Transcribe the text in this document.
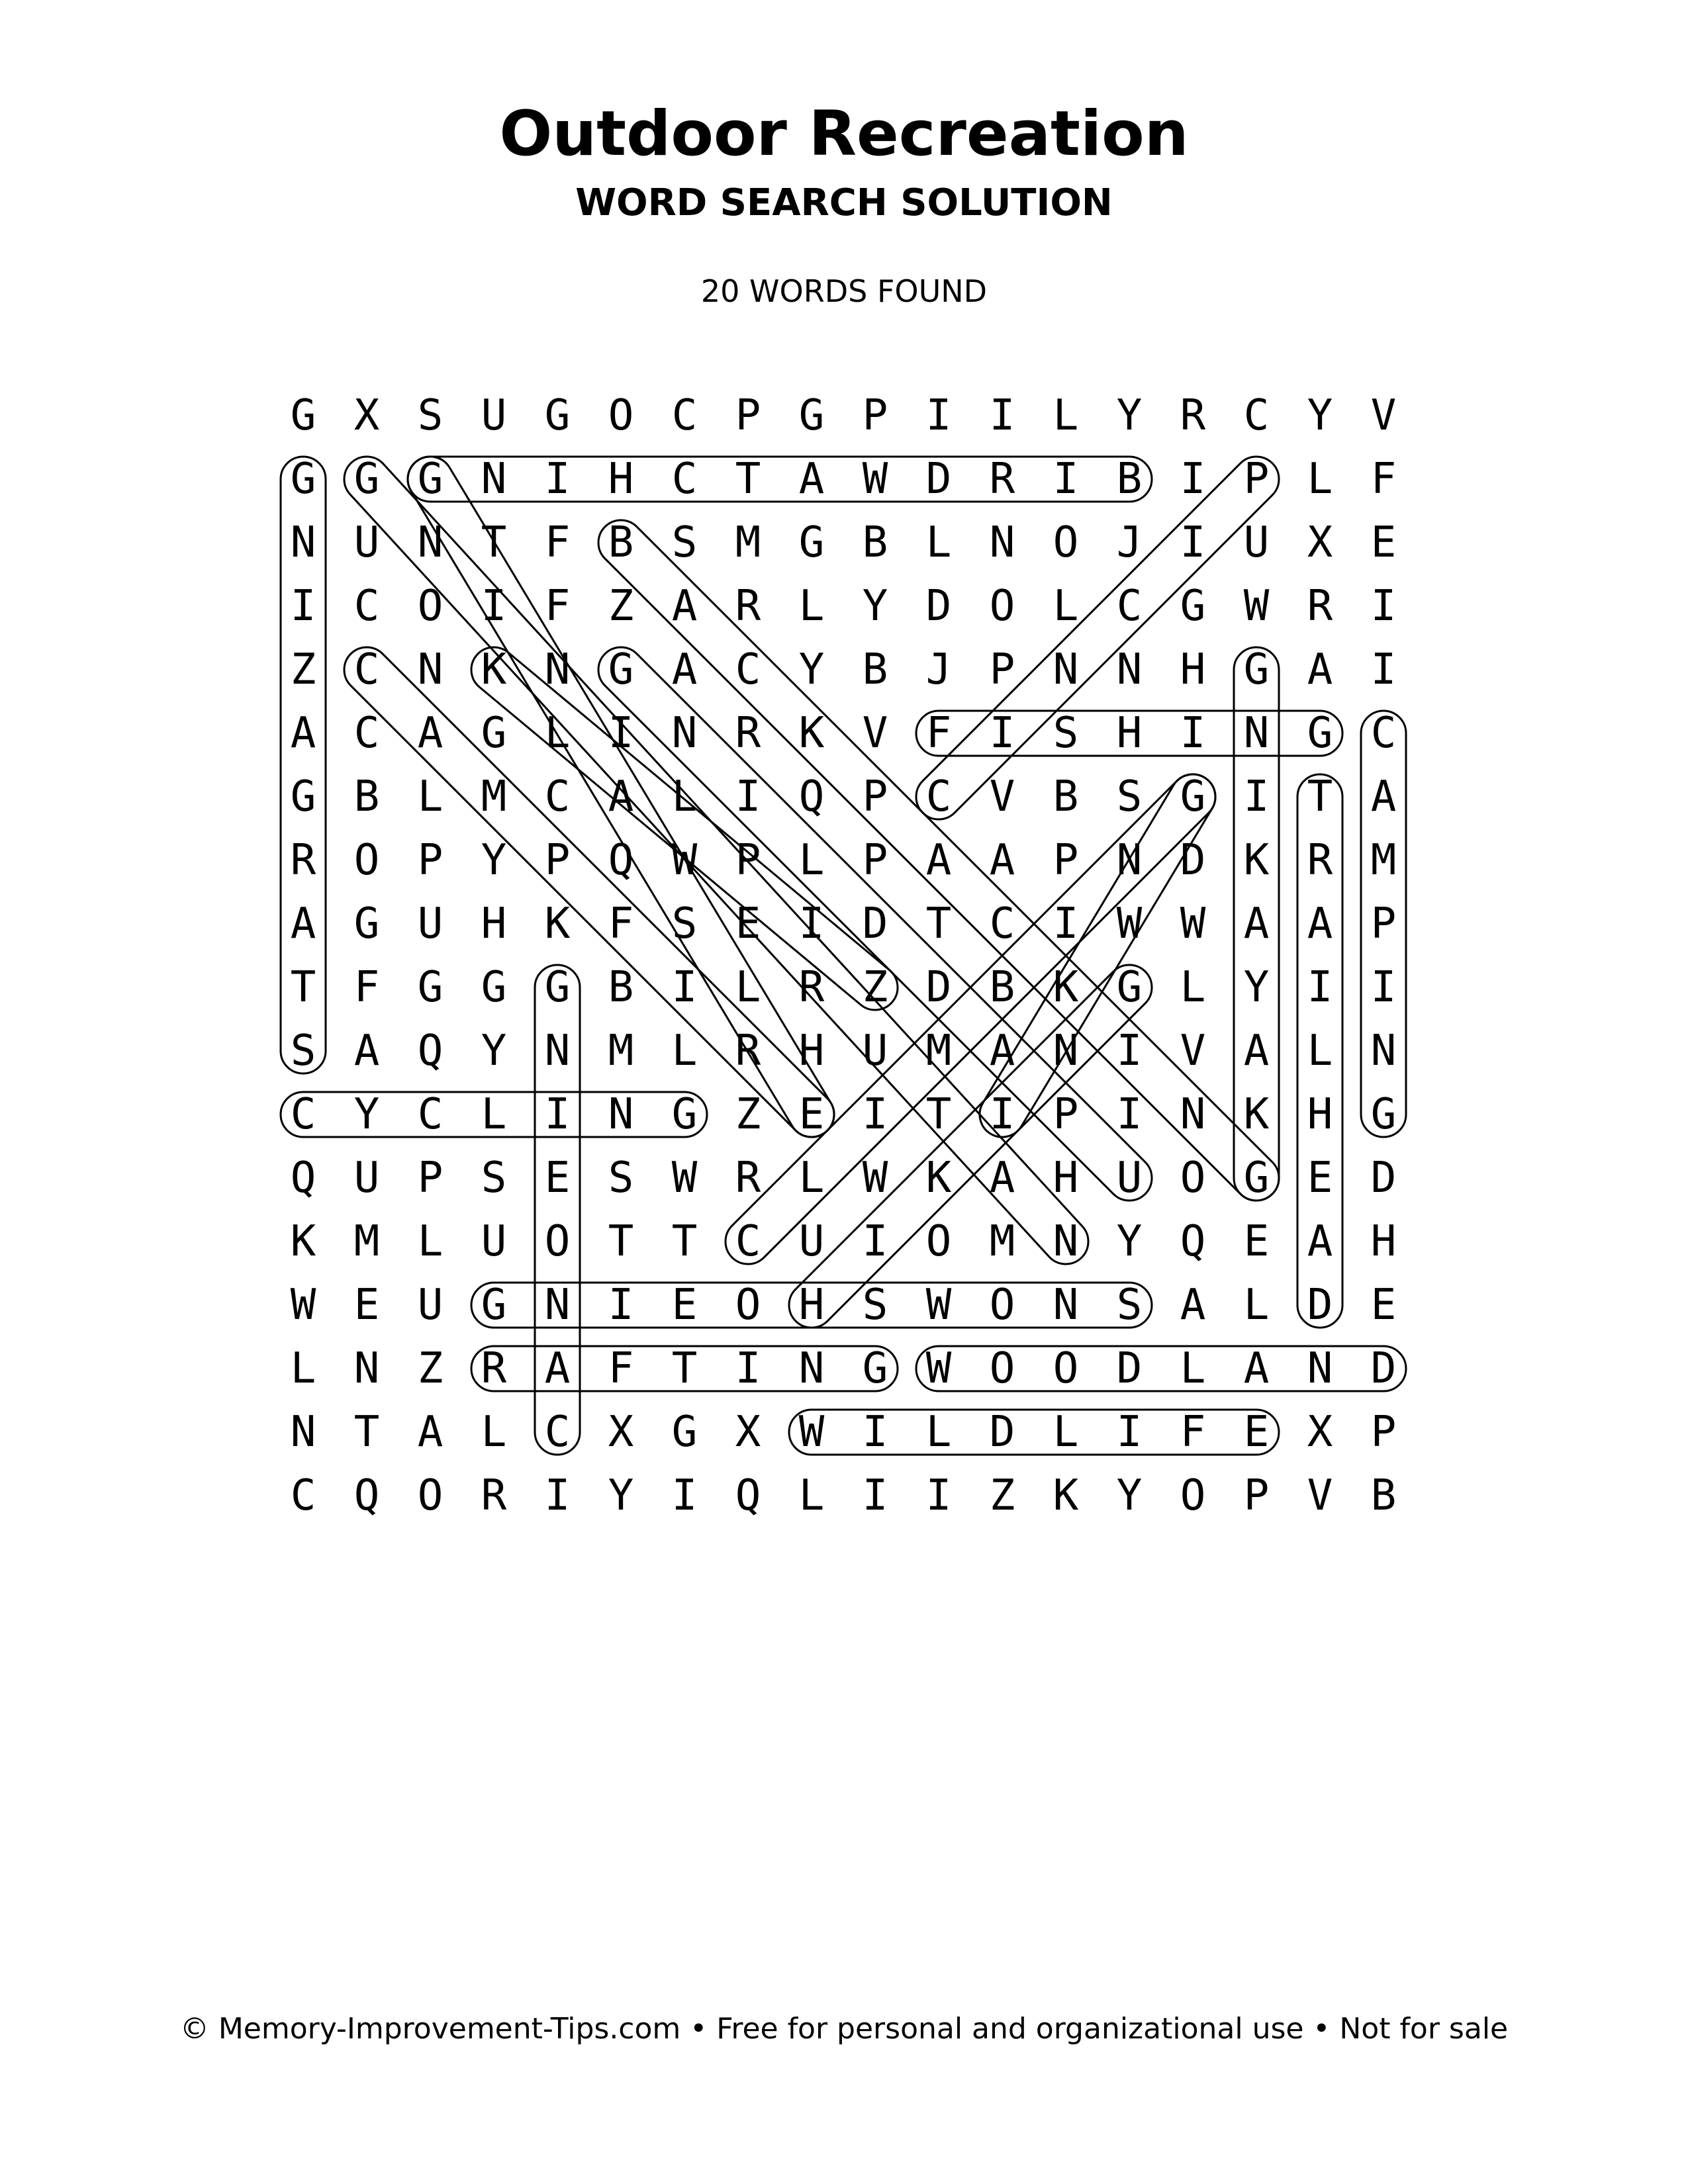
Outdoor Recreation
WORD SEARCH SOLUTION
20 WORDS FOUND
G X S U G O C P G P I I L Y R C Y V
G G G N I H C T A W D R I B I P L F
N U N T F B S M G B L N O J I U X E
I C O I F Z A R L Y D O L C G W R I
Z C N K N G A C Y B J P N N H G A I
A C A G L I N R K V F I S H I N G C
G B L M C A L I Q P C V B S G I T A
R O P Y P Q W P L P A A P N D K R M
A G U H K F S E I D T C I W W A A P
T F G G G B I L R Z D B K G L Y I I
S A Q Y N M L R H U M A N I V A L N
C Y C L I N G Z E I T I P I N K H G
Q U P S E S W R L W K A H U O G E D
K M L U O T T C U I O M N Y Q E A H
W E U G N I E O H S W O N S A L D E
L N Z R A F T I N G W O O D L A N D
N T A L C X G X W I L D L I F E X P
C Q O R I Y I Q L I I Z K Y O P V B
© Memory-Improvement-Tips.com • Free for personal and organizational use • Not for sale
